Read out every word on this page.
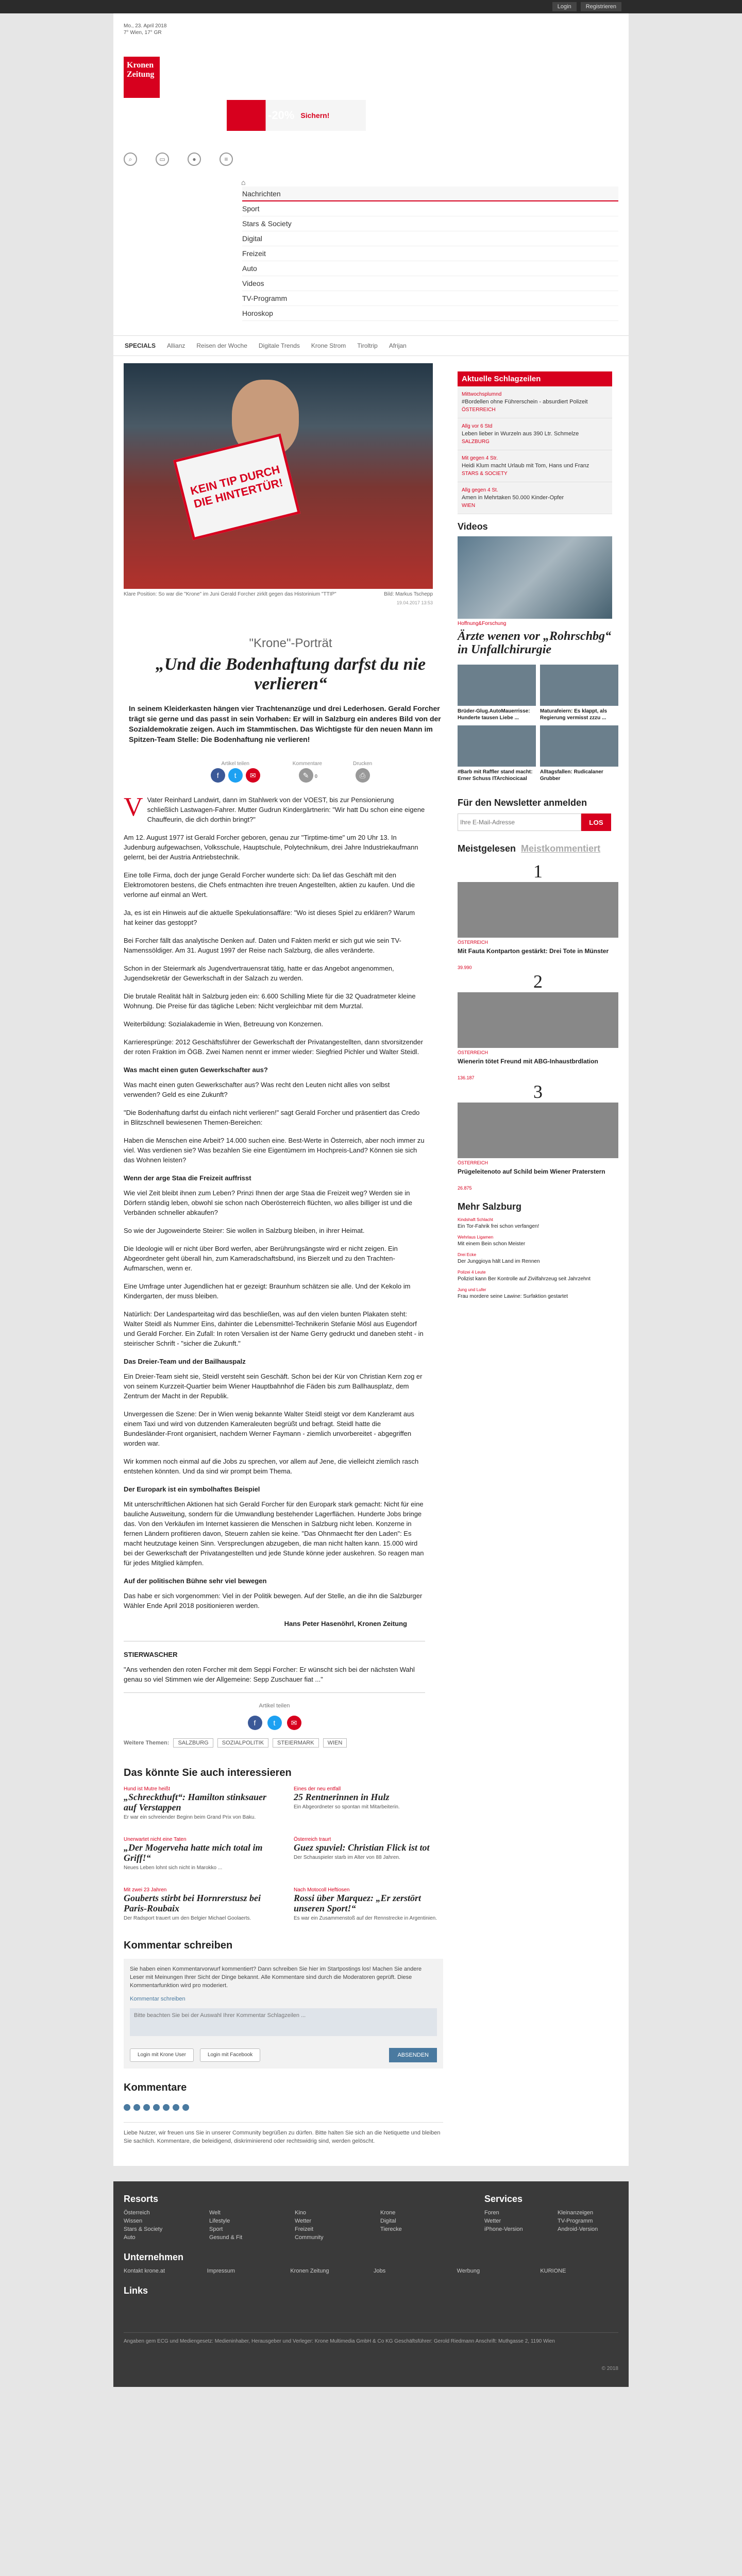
Login	Registrieren
Mo., 23. April 2018
7° Wien, 17° GR
Kronen Zeitung
-20% Sichern!
⌕	▭	●	≡
⌂
Nachrichten
Sport
Stars & Society
Digital
Freizeit
Auto
Videos
TV-Programm
Horoskop
SPECIALS Allianz Reisen der Woche Digitale Trends Krone Strom Tiroltrip Afrijan
KEIN TIP DURCH DIE HINTERTÜR!
Klare Position: So war die "Krone" im Juni Gerald Forcher zirklt gegen das Historinium "TTIP"	Bild: Markus Tschepp
19.04.2017 13:53
"Krone"-Porträt
„Und die Bodenhaftung darfst du nie verlieren“

In seinem Kleiderkasten hängen vier Trachtenanzüge und drei Lederhosen. Gerald Forcher trägt sie gerne und das passt in sein Vorhaben: Er will in Salzburg ein anderes Bild von der Sozialdemokratie zeigen. Auch im Stammtischen. Das Wichtigste für den neuen Mann im Spitzen-Team Stelle: Die Bodenhaftung nie verlieren!

Artikel teilen
f t ✉
Kommentare
✎ 0
Drucken
⎙

V Vater Reinhard Landwirt, dann im Stahlwerk von der VOEST, bis zur Pensionierung schließlich Lastwagen-Fahrer. Mutter Gudrun Kindergärtnerin: "Wir hatt Du schon eine eigene Chauffeurin, die dich dorthin bringt?"

Am 12. August 1977 ist Gerald Forcher geboren, genau zur "Tirptime-time" um 20 Uhr 13. In Judenburg aufgewachsen, Volksschule, Hauptschule, Polytechnikum, drei Jahre Industriekaufmann gelernt, bei der Austria Antriebstechnik.

Eine tolle Firma, doch der junge Gerald Forcher wunderte sich: Da lief das Geschäft mit den Elektromotoren bestens, die Chefs entmachten ihre treuen Angestellten, aktien zu kaufen. Und die verlorne auf einmal an Wert.

Ja, es ist ein Hinweis auf die aktuelle Spekulationsaffäre: "Wo ist dieses Spiel zu erklären? Warum hat keiner das gestoppt?

Bei Forcher fällt das analytische Denken auf. Daten und Fakten merkt er sich gut wie sein TV-Namenssöldiger. Am 31. August 1997 der Reise nach Salzburg, die alles veränderte.

Schon in der Steiermark als Jugendvertrauensrat tätig, hatte er das Angebot angenommen, Jugendsekretär der Gewerkschaft in der Salzach zu werden.

Die brutale Realität hält in Salzburg jeden ein: 6.600 Schilling Miete für die 32 Quadratmeter kleine Wohnung. Die Preise für das tägliche Leben: Nicht vergleichbar mit dem Murztal.

Weiterbildung: Sozialakademie in Wien, Betreuung von Konzernen.

Karrieresprünge: 2012 Geschäftsführer der Gewerkschaft der Privatangestellten, dann stvorsitzender der roten Fraktion im ÖGB. Zwei Namen nennt er immer wieder: Siegfried Pichler und Walter Steidl.

Was macht einen guten Gewerkschafter aus?

Was macht einen guten Gewerkschafter aus? Was recht den Leuten nicht alles von selbst verwenden? Geld es eine Zukunft?

"Die Bodenhaftung darfst du einfach nicht verlieren!" sagt Gerald Forcher und präsentiert das Credo in Blitzschnell bewiesenen Themen-Bereichen:

Haben die Menschen eine Arbeit? 14.000 suchen eine. Best-Werte in Österreich, aber noch immer zu viel. Was verdienen sie? Was bezahlen Sie eine Eigentümern im Hochpreis-Land? Können sie sich das Wohnen leisten?

Wenn der arge Staa die Freizeit auffrisst

Wie viel Zeit bleibt ihnen zum Leben? Prinzi Ihnen der arge Staa die Freizeit weg? Werden sie in Dörfern ständig leben, obwohl sie schon nach Oberösterreich flüchten, wo alles billiger ist und die Verbänden schneller abkaufen?

So wie der Jugoweinderte Steirer: Sie wollen in Salzburg bleiben, in ihrer Heimat.

Die Ideologie will er nicht über Bord werfen, aber Berührungsängste wird er nicht zeigen. Ein Abgeordneter geht überall hin, zum Kameradschaftsbund, ins Bierzelt und zu den Trachten-Aufmarschen, wenn er.

Eine Umfrage unter Jugendlichen hat er gezeigt: Braunhum schätzen sie alle. Und der Kekolo im Kindergarten, der muss bleiben.

Natürlich: Der Landesparteitag wird das beschließen, was auf den vielen bunten Plakaten steht: Walter Steidl als Nummer Eins, dahinter die Lebensmittel-Technikerin Stefanie Mösl aus Eugendorf und Gerald Forcher. Ein Zufall: In roten Versalien ist der Name Gerry gedruckt und daneben steht - in steirischer Schrift - "sicher die Zukunft."

Das Dreier-Team und der Bailhauspalz

Ein Dreier-Team sieht sie, Steidl versteht sein Geschäft. Schon bei der Kür von Christian Kern zog er von seinem Kurzzeit-Quartier beim Wiener Hauptbahnhof die Fäden bis zum Ballhausplatz, dem Zentrum der Macht in der Republik.

Unvergessen die Szene: Der in Wien wenig bekannte Walter Steidl steigt vor dem Kanzleramt aus einem Taxi und wird von dutzenden Kameraleuten begrüßt und befragt. Steidl hatte die Bundesländer-Front organisiert, nachdem Werner Faymann - ziemlich unvorbereitet - abgegriffen worden war.

Wir kommen noch einmal auf die Jobs zu sprechen, vor allem auf Jene, die vielleicht ziemlich rasch entstehen könnten. Und da sind wir prompt beim Thema.

Der Europark ist ein symbolhaftes Beispiel

Mit unterschriftlichen Aktionen hat sich Gerald Forcher für den Europark stark gemacht: Nicht für eine bauliche Ausweitung, sondern für die Umwandlung bestehender Lagerflächen. Hunderte Jobs bringe das. Von den Verkäufen im Internet kassieren die Menschen in Salzburg nicht leben. Konzerne in fernen Ländern profitieren davon, Steuern zahlen sie keine. "Das Ohnmaecht fter den Laden": Es macht heutzutage keinen Sinn. Verspreclungen abzugeben, die man nicht halten kann. 15.000 wird bei der Gewerkschaft der Privatangestellten und jede Stunde könne jeder auskehren. So reagen man für jedes Mitglied kämpfen.

Auf der politischen Bühne sehr viel bewegen

Das habe er sich vorgenommen: Viel in der Politik bewegen. Auf der Stelle, an die ihn die Salzburger Wähler Ende April 2018 positionieren werden.

Hans Peter Hasenöhrl, Kronen Zeitung
STIERWASCHER

"Ans verhenden den roten Forcher mit dem Seppi Forcher: Er wünscht sich bei der nächsten Wahl genau so viel Stimmen wie der Allgemeine: Sepp Zuschauer fiat ..."

Artikel teilen
f	t	✉
Weitere Themen:	SALZBURG	SOZIALPOLITIK	STEIERMARK	WIEN
Aktuelle Schlagzeilen
Mittwochsplumnd
#Bordellen ohne Führerschein - absurdiert Polizeit
ÖSTERREICH
Allg vor 6 Std
Leben lieber in Wurzeln aus 390 Ltr. Schmelze
SALZBURG
Mit gegen 4 Str.
Heidi Klum macht Urlaub mit Tom, Hans und Franz
STARS & SOCIETY
Allg gegen 4 St.
Amen in Mehrtaken 50.000 Kinder-Opfer
WIEN
Videos
Hoffnung&Forschung
Ärzte wenen vor „Rohrschbg“ in Unfallchirurgie

Brüder-Glug.AutoMauerrisse: Hunderte tausen Liebe ...

Maturafeiern: Es klappt, als Regierung vermisst zzzu ...

#Barb mit Raffler stand macht: Erner Schuss ITArchiocicaal

Alltagsfallen: Rudicalaner Grubber

Für den Newsletter anmelden
Ihre E-Mail-Adresse
LOS
Meistgelesen Meistkommentiert
1
ÖSTERREICH

Mit Fauta Kontparton gestärkt: Drei Tote in Münster

39.990
2
ÖSTERREICH

Wienerin tötet Freund mit ABG-Inhaustbrdlation

136.187
3
ÖSTERREICH

Prügeleitenoto auf Schild beim Wiener Praterstern

26.875
Mehr Salzburg
Kindshaft Schlacht
Ein Tor-Fahrik frei schon verfangen!
Wehrlaus Ligamen
Mit einem Bein schon Meister
Drei Ecke
Der Junggioya hält Land im Rennen
Polizei 4 Leute
Polizist kann Ber Kontrolle auf Zivilfahrzeug seit Jahrzehnt
Jung und Lufer
Frau mordere seine Lawine: Surfaktion gestartet
Das könnte Sie auch interessieren
Hund ist Mutre heißt
„Schreckthuft“: Hamilton stinksauer auf Verstappen

Er war ein schreiender Beginn beim Grand Prix von Baku.

Eines der neu entfall
25 Rentnerinnen in Hulz

Ein Abgeordneter so spontan mit Mitarbeiterin.

Unerwartet nicht eine Taten
„Der Mogerveha hatte mich total im Griff!“

Neues Leben lohnt sich nicht in Marokko ...

Österreich traurt
Guez spuviel: Christian Flick ist tot

Der Schauspieler starb im Alter von 88 Jahren.

Mit zwei 23 Jahren
Gouberts stirbt bei Hornrerstusz bei Paris-Roubaix

Der Radsport trauert um den Belgier Michael Goolaerts.

Nach Motocoll Heftiosen
Rossi über Marquez: „Er zerstört unseren Sport!“

Es war ein Zusammenstoß auf der Rennstrecke in Argentinien.

Kommentar schreiben

Sie haben einen Kommentarvorwurf kommentiert? Dann schreiben Sie hier im Startpostings los! Machen Sie andere Leser mit Meinungen Ihrer Sicht der Dinge bekannt. Alle Kommentare sind durch die Moderatoren geprüft. Diese Kommentarfunktion wird pro moderiert.

Kommentar schreiben
Bitte beachten Sie bei der Auswahl Ihrer Kommentar Schlagzeilen ...
Login mit Krone User	Login mit Facebook	ABSENDEN
Kommentare

Liebe Nutzer, wir freuen uns Sie in unserer Community begrüßen zu dürfen. Bitte halten Sie sich an die Netiquette und bleiben Sie sachlich. Kommentare, die beleidigend, diskriminierend oder rechtswidrig sind, werden gelöscht.

Resorts
Österreich	Welt	Kino	Krone
Wissen	Lifestyle	Wetter	Digital
Stars & Society	Sport	Freizeit	Tierecke
Auto	Gesund & Fit	Community
Services
Foren	Kleinanzeigen
Wetter	TV-Programm
iPhone-Version	Android-Version
Unternehmen
Kontakt krone.at	Impressum	Kronen Zeitung	Jobs	Werbung	KURIONE
Links
Angaben gem ECG und Mediengesetz: Medieninhaber, Herausgeber und Verleger: Krone Multimedia GmbH & Co KG Geschäftsführer: Gerold Riedmann Anschrift: Muthgasse 2, 1190 Wien
© 2018
